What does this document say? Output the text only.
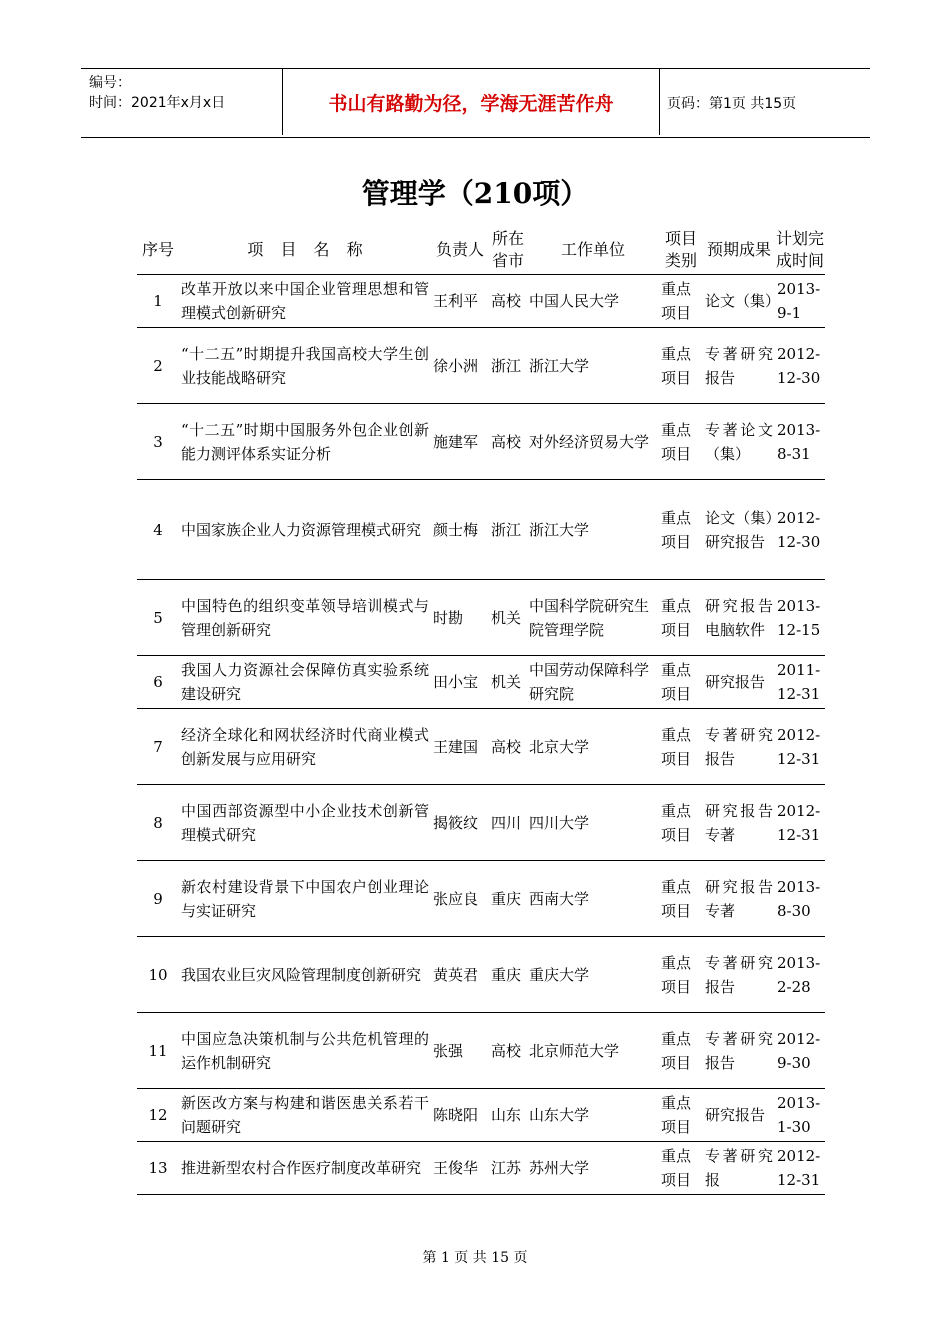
编号：
时间：2021年x月x日	书山有路勤为径，学海无涯苦作舟	页码：第1页 共15页
管理学（210项）
序号	项 目 名 称	负责人	所在省市	工作单位	项目类别	预期成果	计划完成时间
1	改革开放以来中国企业管理思想和管理模式创新研究	王利平	高校	中国人民大学	重点项目	论文（集）	2013-9-1
2	“十二五”时期提升我国高校大学生创业技能战略研究	徐小洲	浙江	浙江大学	重点项目	专著研究报告	2012-12-30
3	“十二五”时期中国服务外包企业创新能力测评体系实证分析	施建军	高校	对外经济贸易大学	重点项目	专著论文（集）	2013-8-31
4	中国家族企业人力资源管理模式研究	颜士梅	浙江	浙江大学	重点项目	论文（集）研究报告	2012-12-30
5	中国特色的组织变革领导培训模式与管理创新研究	时勘	机关	中国科学院研究生院管理学院	重点项目	研究报告电脑软件	2013-12-15
6	我国人力资源社会保障仿真实验系统建设研究	田小宝	机关	中国劳动保障科学研究院	重点项目	研究报告	2011-12-31
7	经济全球化和网状经济时代商业模式创新发展与应用研究	王建国	高校	北京大学	重点项目	专著研究报告	2012-12-31
8	中国西部资源型中小企业技术创新管理模式研究	揭筱纹	四川	四川大学	重点项目	研究报告专著	2012-12-31
9	新农村建设背景下中国农户创业理论与实证研究	张应良	重庆	西南大学	重点项目	研究报告专著	2013-8-30
10	我国农业巨灾风险管理制度创新研究	黄英君	重庆	重庆大学	重点项目	专著研究报告	2013-2-28
11	中国应急决策机制与公共危机管理的运作机制研究	张强	高校	北京师范大学	重点项目	专著研究报告	2012-9-30
12	新医改方案与构建和谐医患关系若干问题研究	陈晓阳	山东	山东大学	重点项目	研究报告	2013-1-30
13	推进新型农村合作医疗制度改革研究	王俊华	江苏	苏州大学	重点项目	专著研究报	2012-12-31
第 1 页 共 15 页
